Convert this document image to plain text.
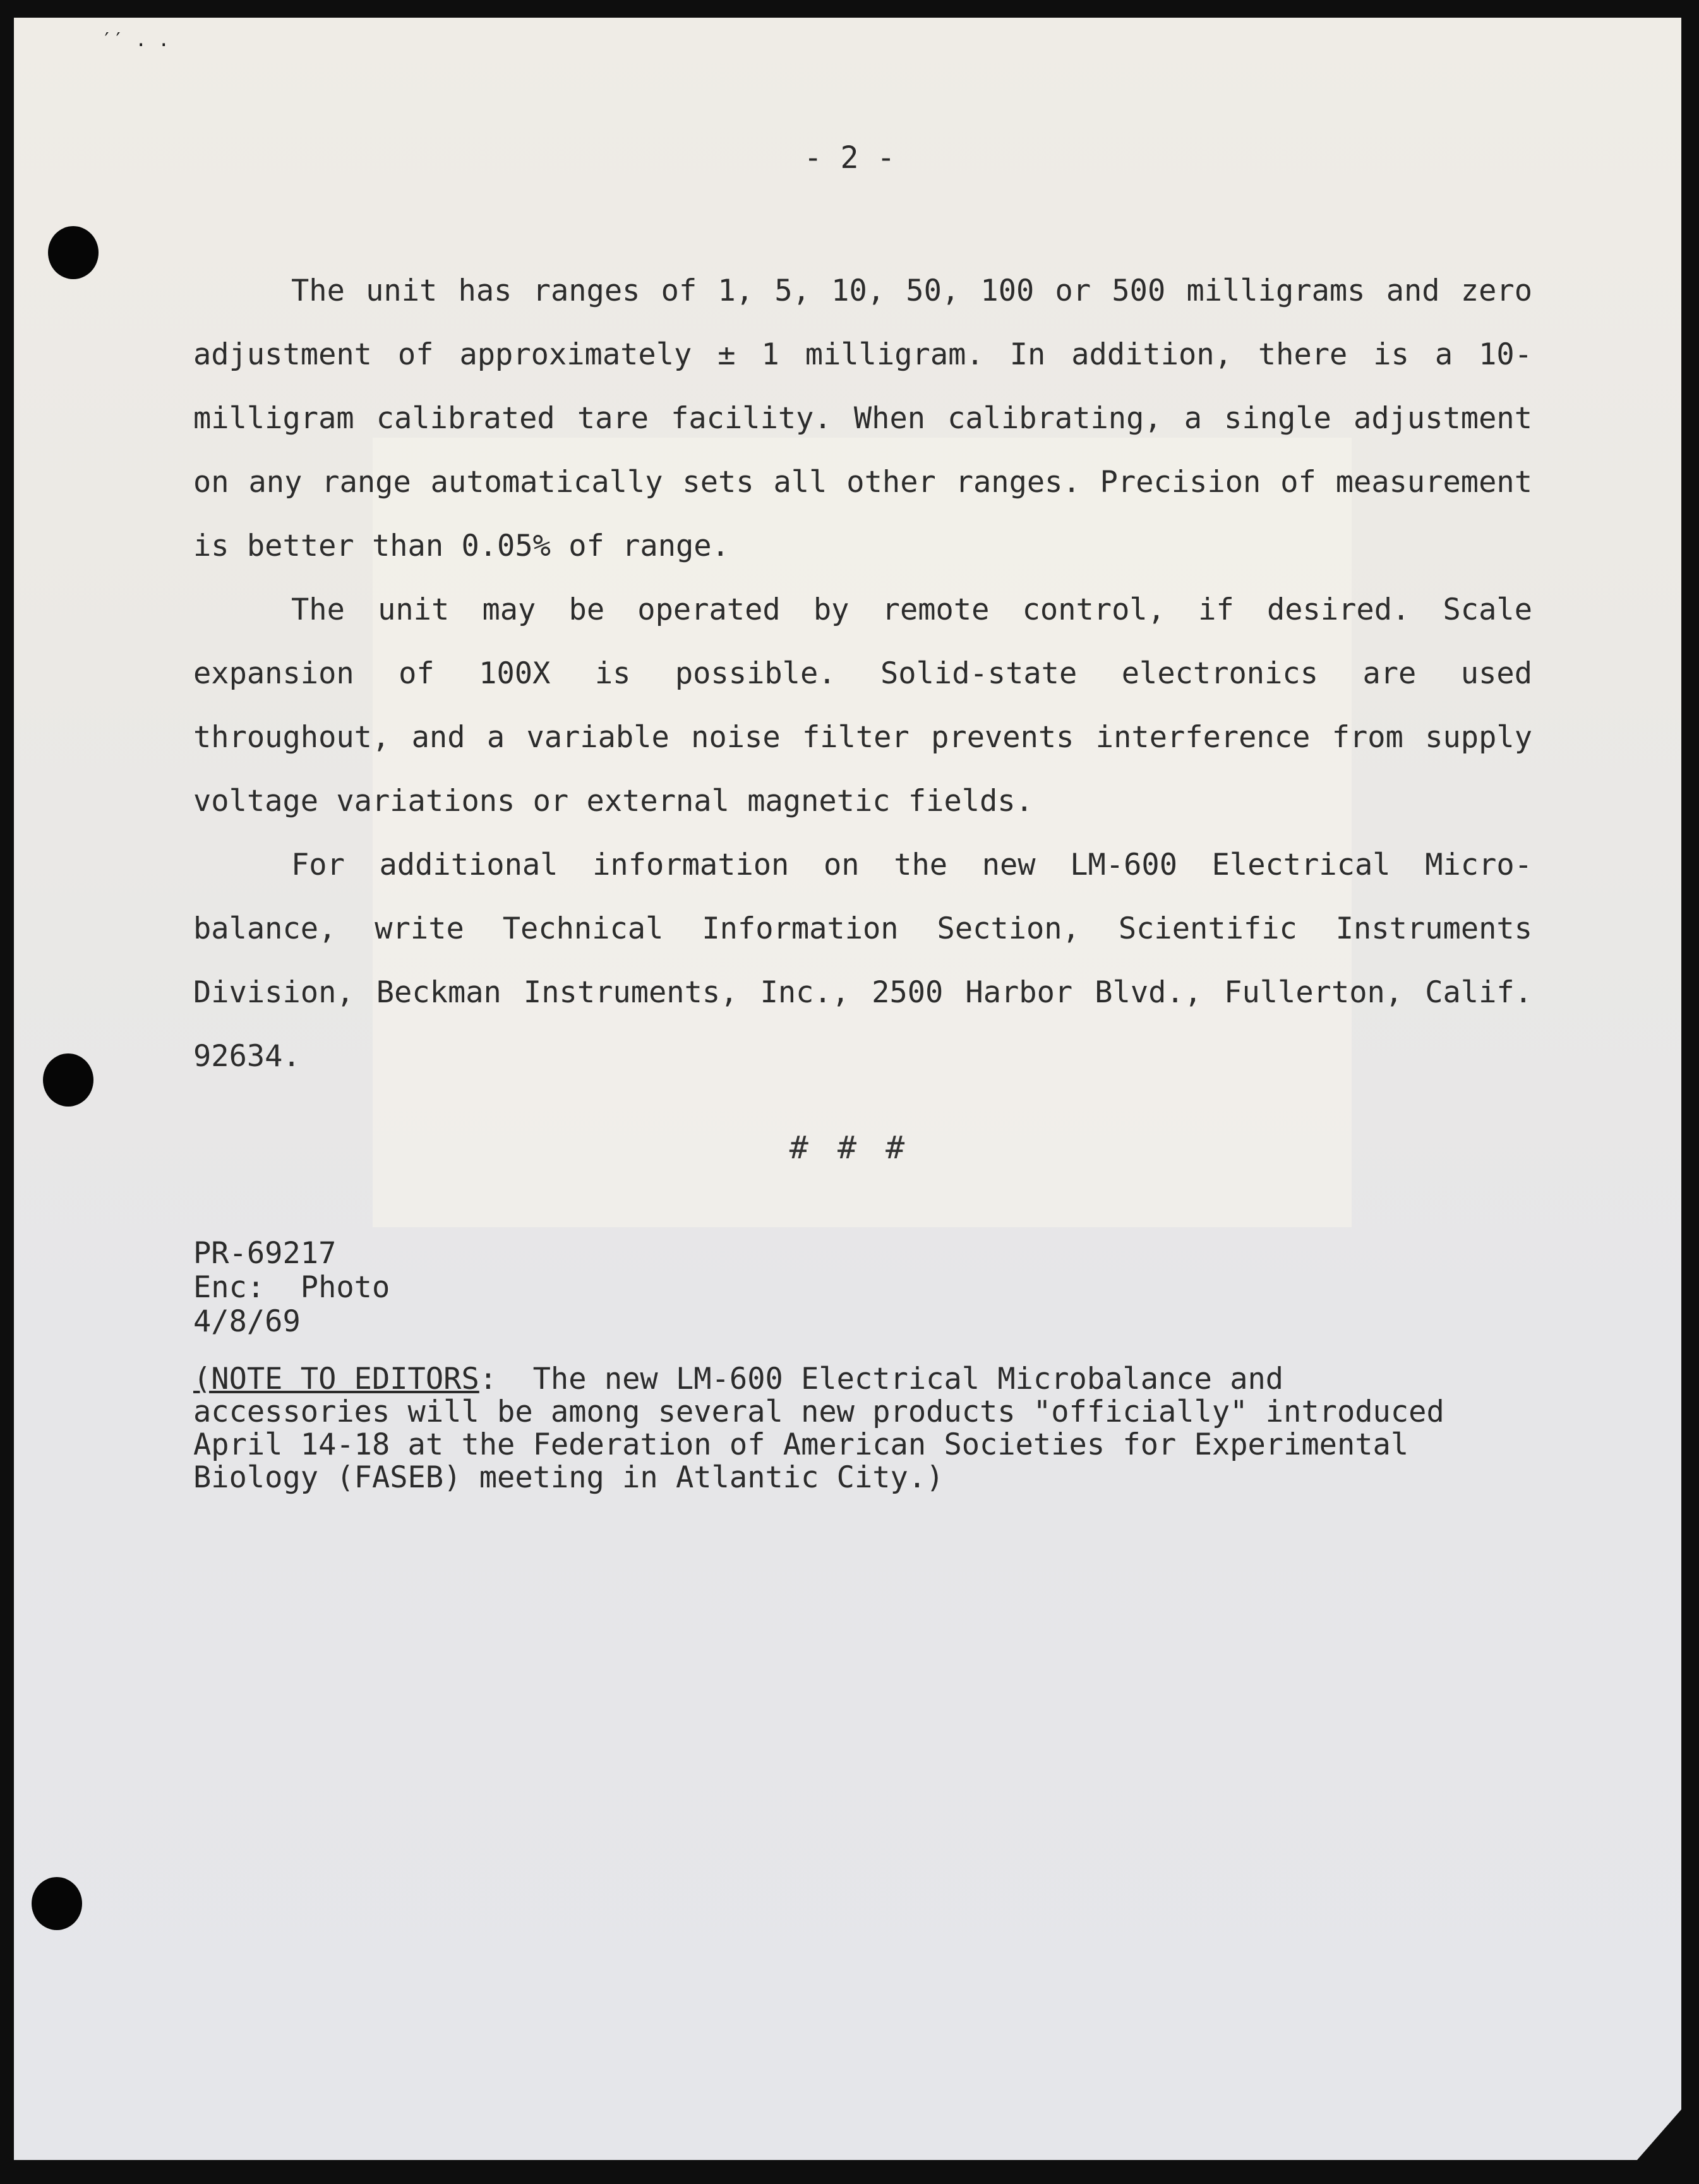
′′ . .
- 2 -

The unit has ranges of 1, 5, 10, 50, 100 or 500 milligrams and zero adjustment of approximately ± 1 milligram. In addition, there is a 10-milligram calibrated tare facility. When calibrating, a single adjustment on any range automatically sets all other ranges. Precision of measurement is better than 0.05% of range.

The unit may be operated by remote control, if desired. Scale expansion of 100X is possible. Solid-state electronics are used throughout, and a variable noise filter prevents interference from supply voltage variations or external magnetic fields.

For additional information on the new LM-600 Electrical Micro-balance, write Technical Information Section, Scientific Instruments Division, Beckman Instruments, Inc., 2500 Harbor Blvd., Fullerton, Calif. 92634.

# # #
PR-69217
Enc:  Photo
4/8/69
(NOTE TO EDITORS:  The new LM-600 Electrical Microbalance and
accessories will be among several new products "officially" introduced
April 14-18 at the Federation of American Societies for Experimental
Biology (FASEB) meeting in Atlantic City.)
